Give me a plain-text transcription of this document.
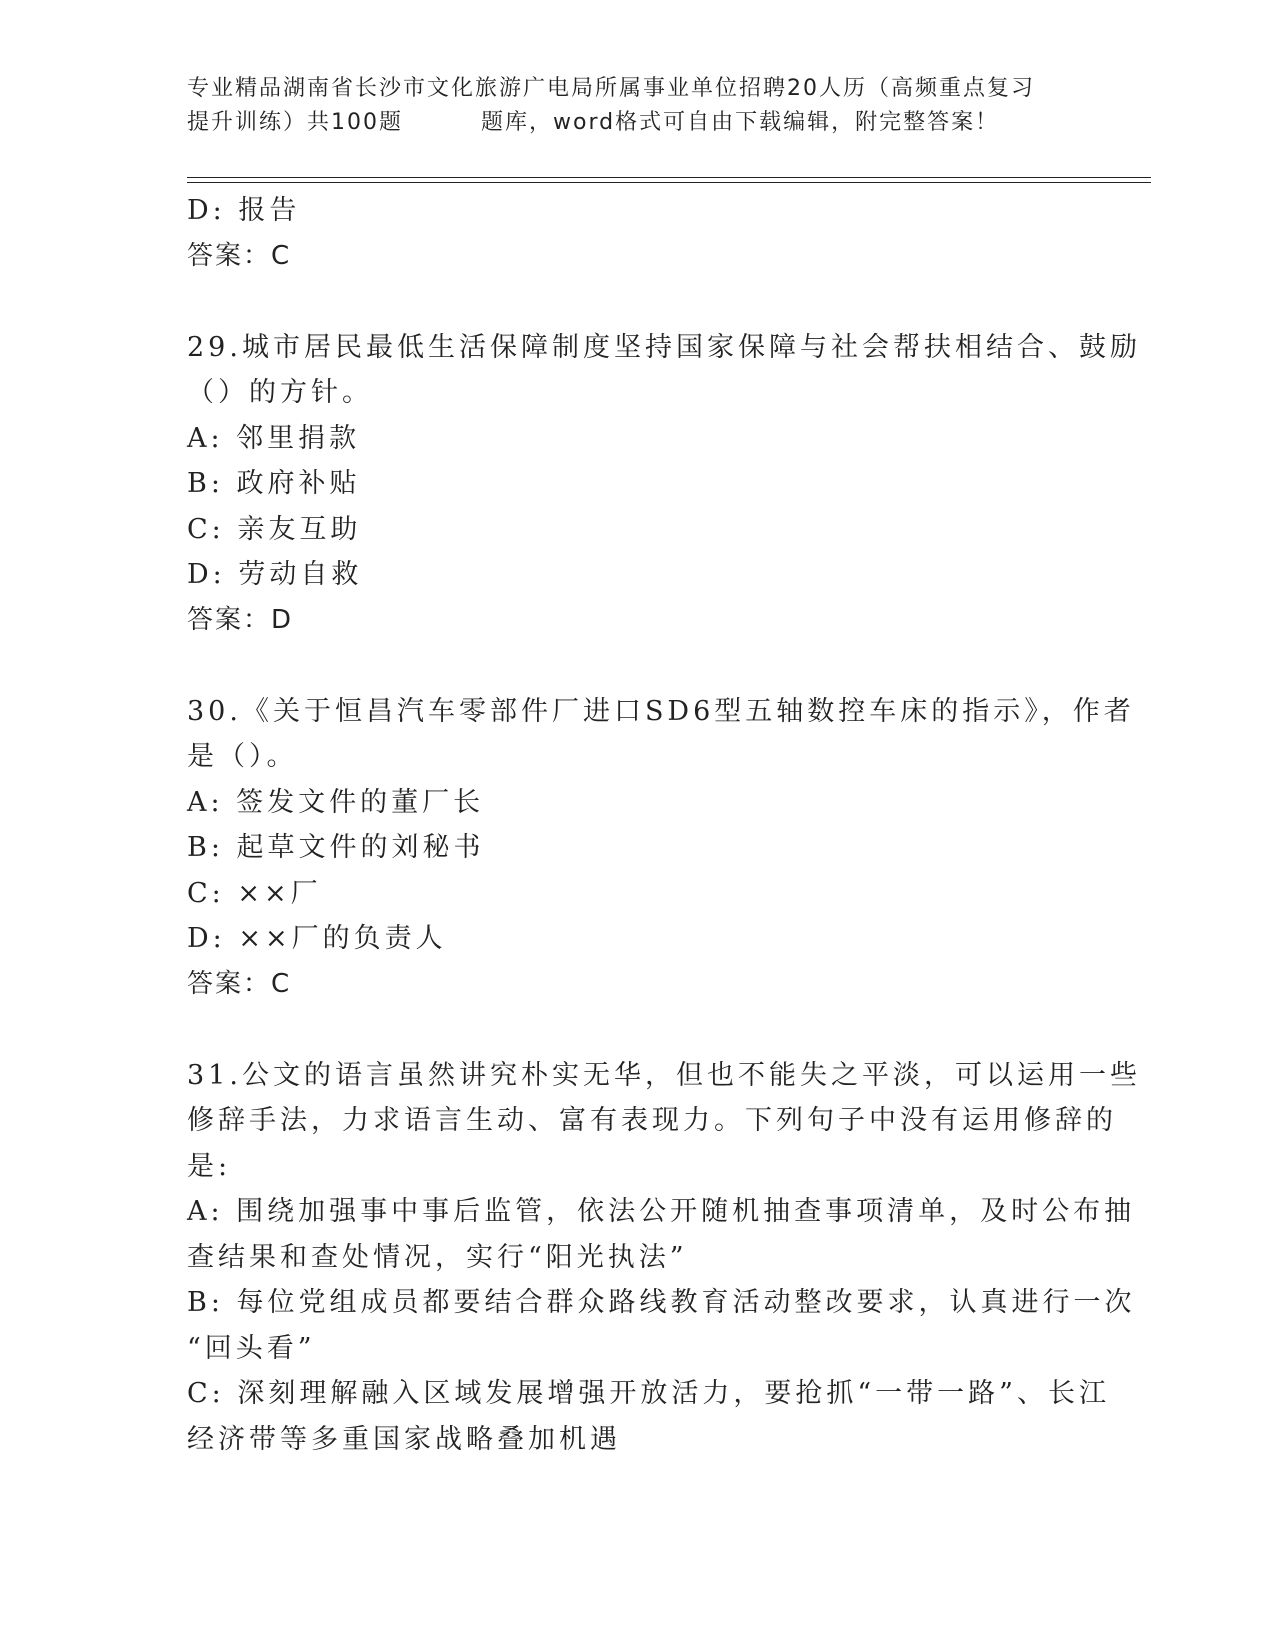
专业精品湖南省长沙市文化旅游广电局所属事业单位招聘20人历（高频重点复习
提升训练）共100题	题库，word格式可自由下载编辑，附完整答案！
D: 报告
答案：C
29.城市居民最低生活保障制度坚持国家保障与社会帮扶相结合、鼓励
（）的方针。
A: 邻里捐款
B: 政府补贴
C: 亲友互助
D: 劳动自救
答案：D
30.《关于恒昌汽车零部件厂进口SD6型五轴数控车床的指示》，作者
是（）。
A: 签发文件的董厂长
B: 起草文件的刘秘书
C: ××厂
D: ××厂的负责人
答案：C
31.公文的语言虽然讲究朴实无华，但也不能失之平淡，可以运用一些
修辞手法，力求语言生动、富有表现力。下列句子中没有运用修辞的
是:
A: 围绕加强事中事后监管，依法公开随机抽查事项清单，及时公布抽
查结果和查处情况，实行“阳光执法”
B: 每位党组成员都要结合群众路线教育活动整改要求，认真进行一次
“回头看”
C: 深刻理解融入区域发展增强开放活力，要抢抓“一带一路”、长江
经济带等多重国家战略叠加机遇
